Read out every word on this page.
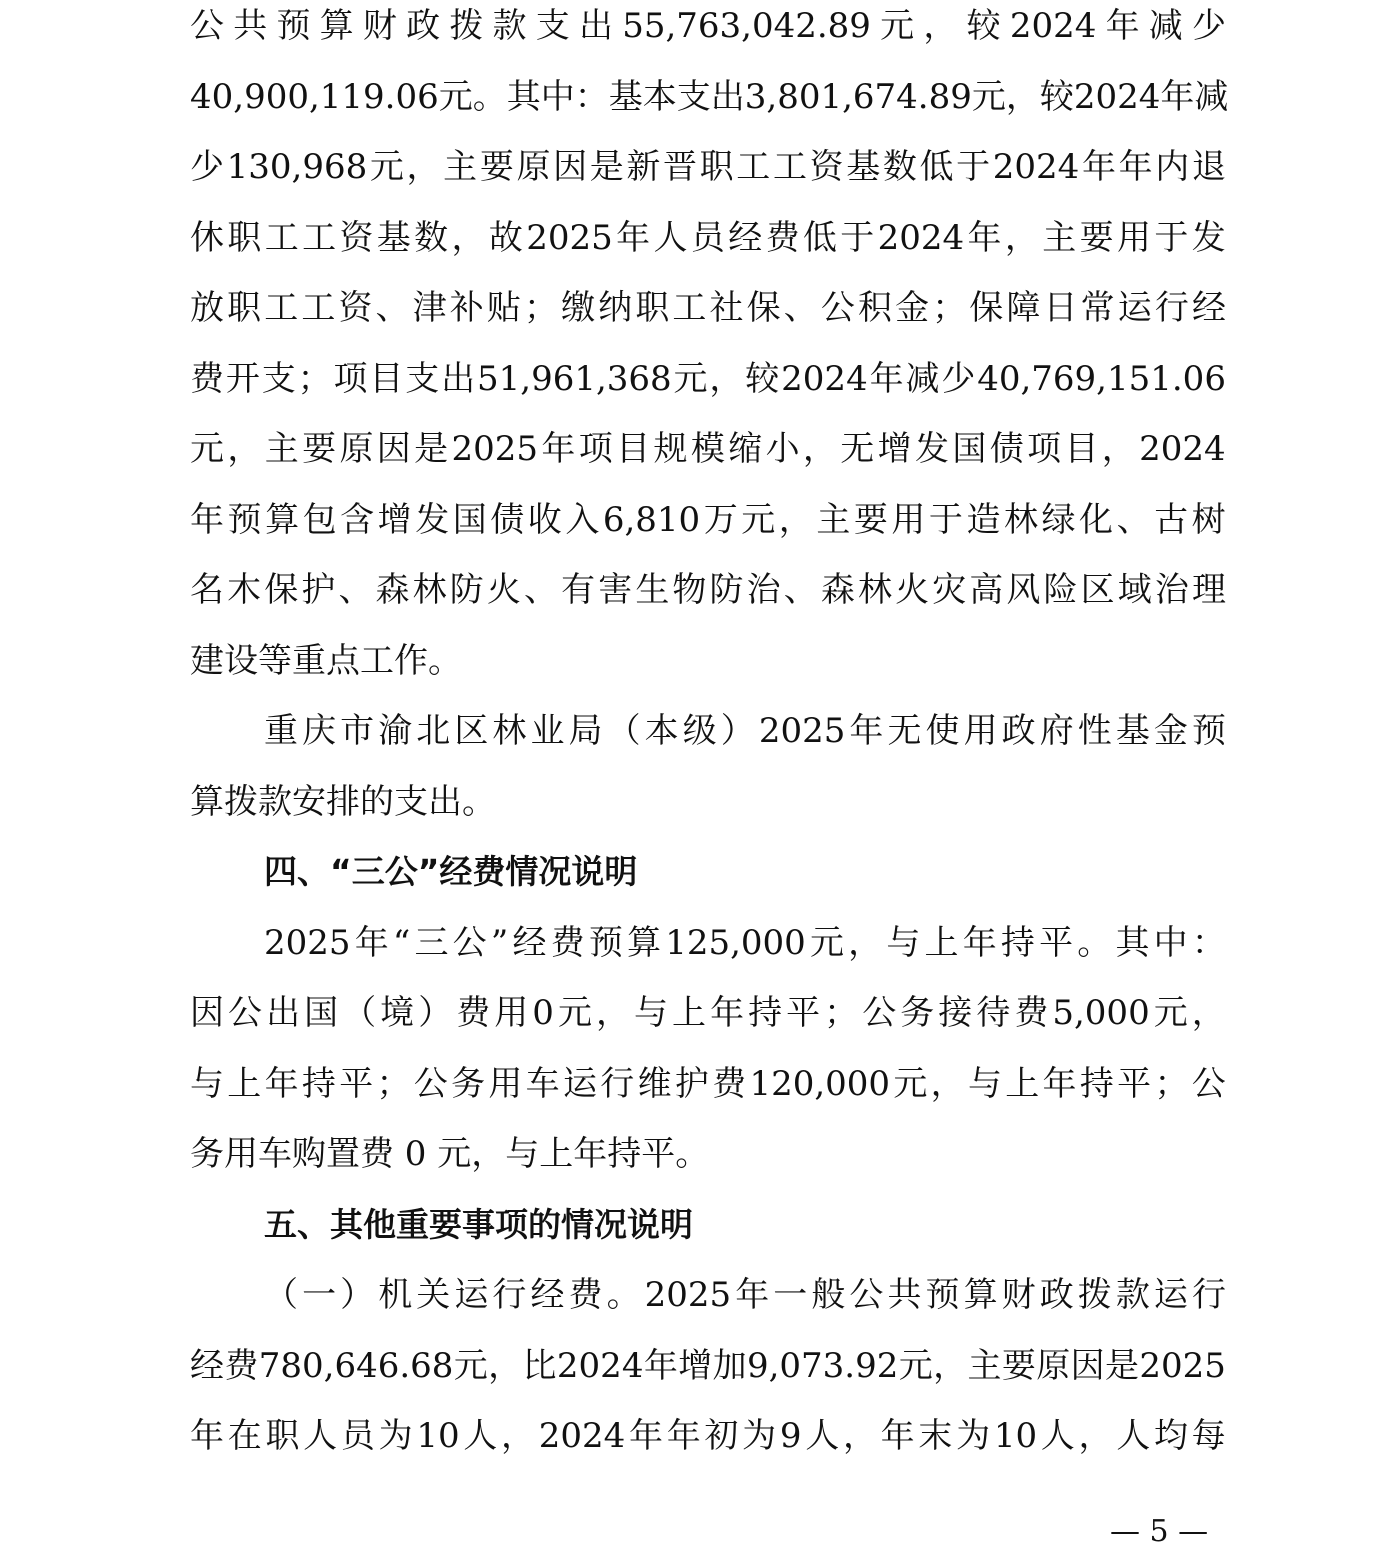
公 共 预 算 财 政 拨 款 支 出 55,763,042.89 元 ， 较 2024 年 减 少
40,900,119.06 元 。 其 中 ： 基 本 支 出 3,801,674.89 元 ， 较 2024 年 减
少 130,968 元 ， 主 要 原 因 是 新 晋 职 工 工 资 基 数 低 于 2024 年 年 内 退
休 职 工 工 资 基 数 ， 故 2025 年 人 员 经 费 低 于 2024 年 ， 主 要 用 于 发
放 职 工 工 资 、 津 补 贴 ； 缴 纳 职 工 社 保 、 公 积 金 ； 保 障 日 常 运 行 经
费 开 支 ； 项 目 支 出 51,961,368 元 ， 较 2024 年 减 少 40,769,151.06
元 ， 主 要 原 因 是 2025 年 项 目 规 模 缩 小 ， 无 增 发 国 债 项 目 ， 2024
年 预 算 包 含 增 发 国 债 收 入 6,810 万 元 ， 主 要 用 于 造 林 绿 化 、 古 树
名 木 保 护 、 森 林 防 火 、 有 害 生 物 防 治 、 森 林 火 灾 高 风 险 区 域 治 理
建设等重点工作。
重 庆 市 渝 北 区 林 业 局 （ 本 级 ） 2025 年 无 使 用 政 府 性 基 金 预
算拨款安排的支出。
四、“三公”经费情况说明
2025 年 “ 三 公 ” 经 费 预 算 125,000 元 ， 与 上 年 持 平 。 其 中 ：
因 公 出 国 （ 境 ） 费 用 0 元 ， 与 上 年 持 平 ； 公 务 接 待 费 5,000 元 ，
与 上 年 持 平 ； 公 务 用 车 运 行 维 护 费 120,000 元 ， 与 上 年 持 平 ； 公
务用车购置费 0 元，与上年持平。
五、其他重要事项的情况说明
（ 一 ） 机 关 运 行 经 费 。 2025 年 一 般 公 共 预 算 财 政 拨 款 运 行
经 费 780,646.68 元 ， 比 2024 年 增 加 9,073.92 元 ， 主 要 原 因 是 2025
年 在 职 人 员 为 10 人 ， 2024 年 年 初 为 9 人 ， 年 末 为 10 人 ， 人 均 每
— 5 —
